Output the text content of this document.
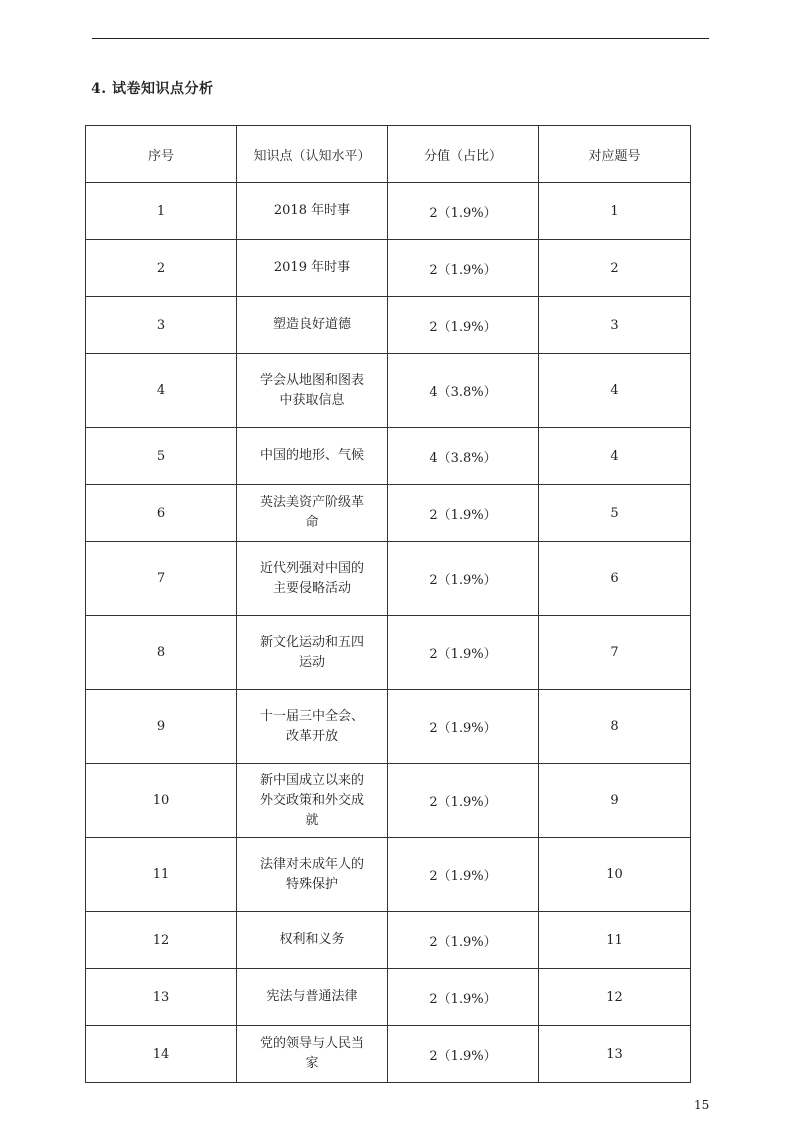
4. 试卷知识点分析
序号	知识点（认知水平）	分值（占比）	对应题号
1	2018 年时事	2（1.9%）	1
2	2019 年时事	2（1.9%）	2
3	塑造良好道德	2（1.9%）	3
4	学会从地图和图表中获取信息	4（3.8%）	4
5	中国的地形、气候	4（3.8%）	4
6	英法美资产阶级革命	2（1.9%）	5
7	近代列强对中国的主要侵略活动	2（1.9%）	6
8	新文化运动和五四运动	2（1.9%）	7
9	十一届三中全会、改革开放	2（1.9%）	8
10	新中国成立以来的外交政策和外交成就	2（1.9%）	9
11	法律对未成年人的特殊保护	2（1.9%）	10
12	权利和义务	2（1.9%）	11
13	宪法与普通法律	2（1.9%）	12
14	党的领导与人民当家	2（1.9%）	13
15
